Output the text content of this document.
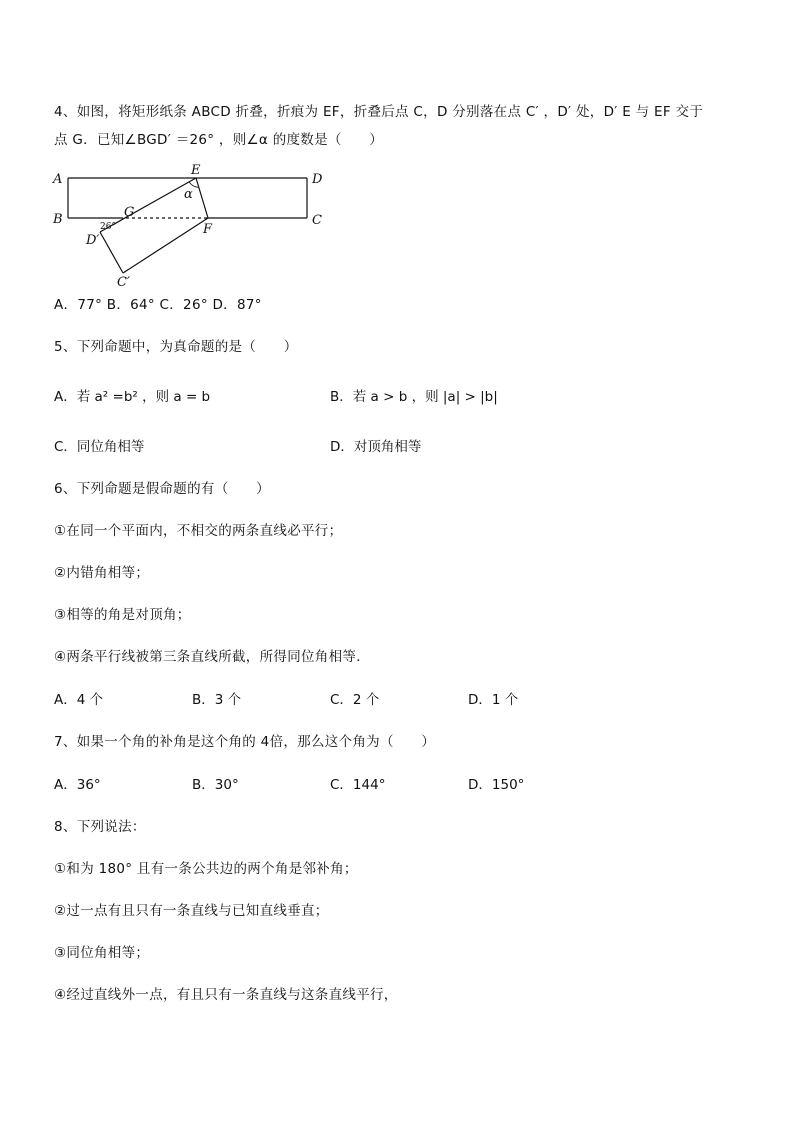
4、如图，将矩形纸条 ABCD 折叠，折痕为 EF，折叠后点 C，D 分别落在点 C′ ，D′ 处，D′ E 与 EF 交于
点 G．已知∠BGD′ ＝26° ，则∠α 的度数是（　　）
A
B
D
C
E
F
G
D′
C′
α
26°
A．77° B．64° C．26° D．87°
5、下列命题中，为真命题的是（　　）
A．若 a² =b² ，则 a = b	B．若 a > b ，则 |a| > |b|
C．同位角相等	D．对顶角相等
6、下列命题是假命题的有（　　）
①在同一个平面内，不相交的两条直线必平行；
②内错角相等；
③相等的角是对顶角；
④两条平行线被第三条直线所截，所得同位角相等．
A．4 个	B．3 个	C．2 个	D．1 个
7、如果一个角的补角是这个角的 4倍，那么这个角为（　　）
A．36°	B．30°	C．144°	D．150°
8、下列说法：
①和为 180° 且有一条公共边的两个角是邻补角；
②过一点有且只有一条直线与已知直线垂直；
③同位角相等；
④经过直线外一点，有且只有一条直线与这条直线平行，
